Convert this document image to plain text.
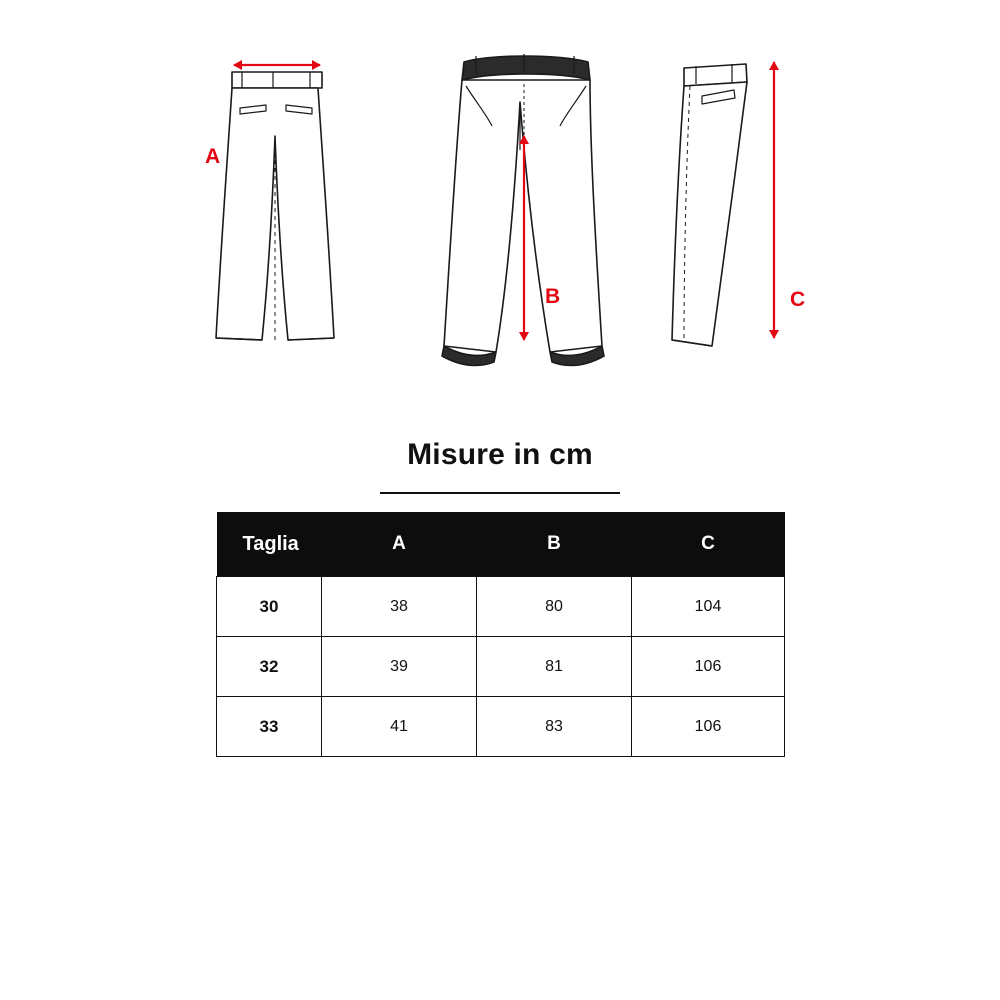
A
B	C
Misure in cm
Taglia	A	B	C
30	38	80	104
32	39	81	106
33	41	83	106
